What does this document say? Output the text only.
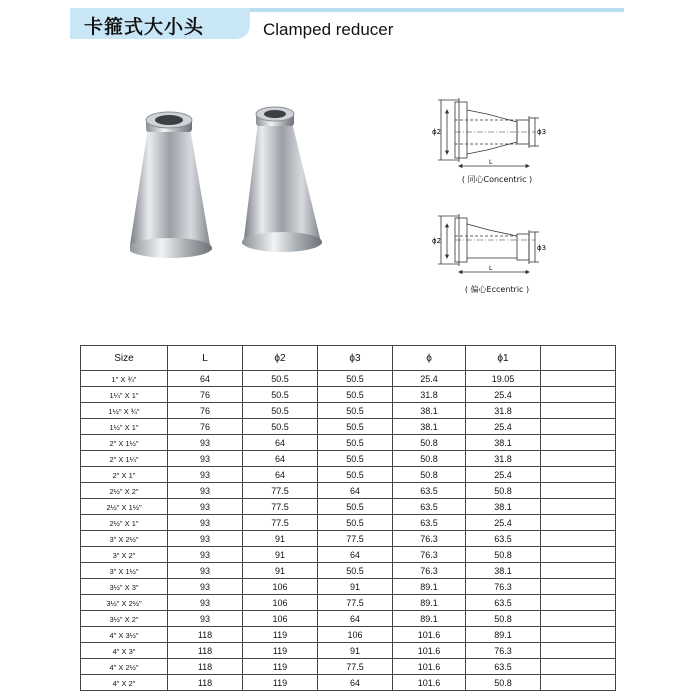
卡箍式大小头	Clamped reducer
ϕ2	ϕ3
L
( 同心Concentric )
ϕ2
ϕ3
L
( 偏心Eccentric )
Size	L	ϕ2	ϕ3	ϕ	ϕ1	
1" X ¾"	64	50.5	50.5	25.4	19.05	
1¼" X 1"	76	50.5	50.5	31.8	25.4	
1½" X ¾"	76	50.5	50.5	38.1	31.8	
1½" X 1"	76	50.5	50.5	38.1	25.4	
2" X 1½"	93	64	50.5	50.8	38.1	
2" X 1¼"	93	64	50.5	50.8	31.8	
2" X 1"	93	64	50.5	50.8	25.4	
2½" X 2"	93	77.5	64	63.5	50.8	
2½" X 1½"	93	77.5	50.5	63.5	38.1	
2½" X 1"	93	77.5	50.5	63.5	25.4	
3" X 2½"	93	91	77.5	76.3	63.5	
3" X 2"	93	91	64	76.3	50.8	
3" X 1½"	93	91	50.5	76.3	38.1	
3½" X 3"	93	106	91	89.1	76.3	
3½" X 2½"	93	106	77.5	89.1	63.5	
3½" X 2"	93	106	64	89.1	50.8	
4" X 3½"	118	119	106	101.6	89.1	
4" X 3"	118	119	91	101.6	76.3	
4" X 2½"	118	119	77.5	101.6	63.5	
4" X 2"	118	119	64	101.6	50.8	
